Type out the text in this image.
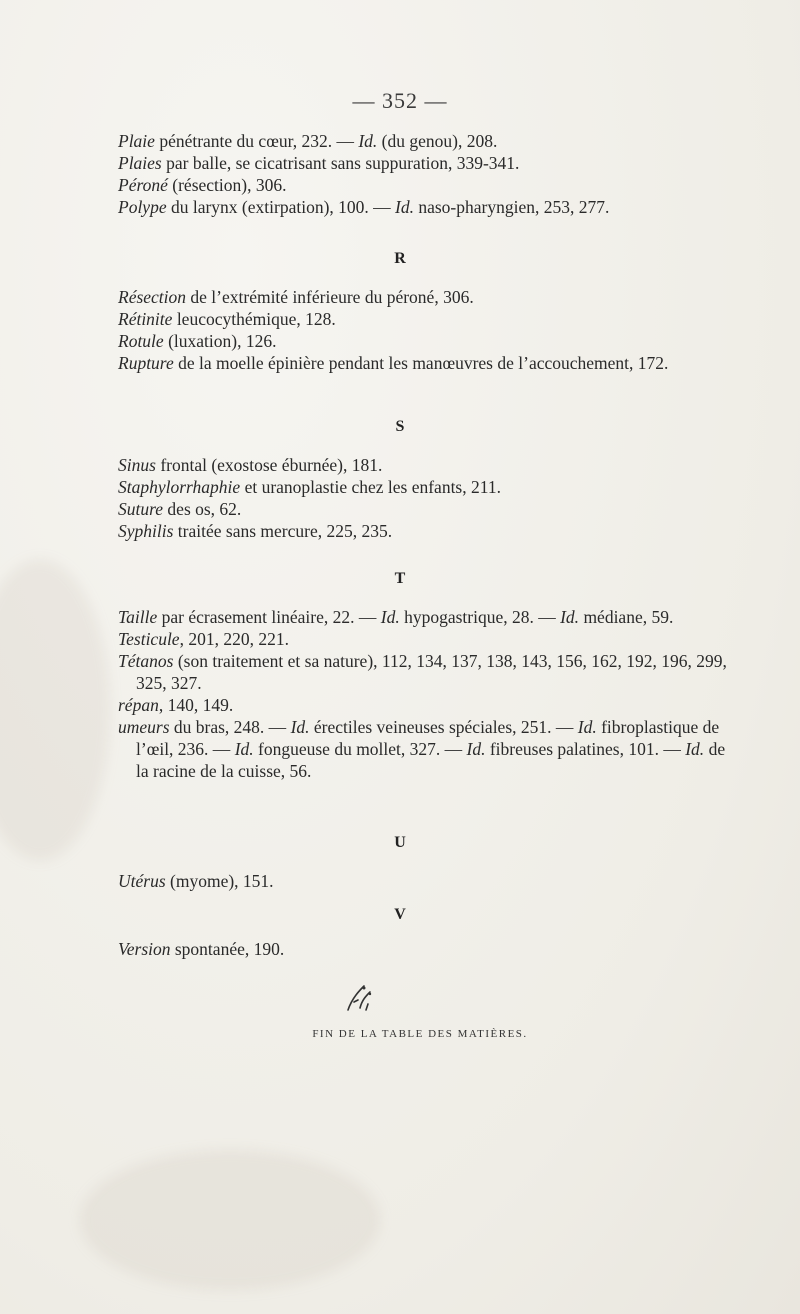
— 352 —

Plaie pénétrante du cœur, 232. — Id. (du genou), 208.

Plaies par balle, se cicatrisant sans suppuration, 339-341.

Péroné (résection), 306.

Polype du larynx (extirpation), 100. — Id. naso-pharyngien, 253, 277.

R

Résection de l’extrémité inférieure du péroné, 306.

Rétinite leucocythémique, 128.

Rotule (luxation), 126.

Rupture de la moelle épinière pendant les manœuvres de l’accouchement, 172.

S

Sinus frontal (exostose éburnée), 181.

Staphylorrhaphie et uranoplastie chez les enfants, 211.

Suture des os, 62.

Syphilis traitée sans mercure, 225, 235.

T

Taille par écrasement linéaire, 22. — Id. hypogastrique, 28. — Id. médiane, 59.

Testicule, 201, 220, 221.

Tétanos (son traitement et sa nature), 112, 134, 137, 138, 143, 156, 162, 192, 196, 299, 325, 327.

répan, 140, 149.

umeurs du bras, 248. — Id. érectiles veineuses spéciales, 251. — Id. fibroplastique de l’œil, 236. — Id. fongueuse du mollet, 327. — Id. fibreuses palatines, 101. — Id. de la racine de la cuisse, 56.

U

Utérus (myome), 151.

V

Version spontanée, 190.

FIN DE LA TABLE DES MATIÈRES.
